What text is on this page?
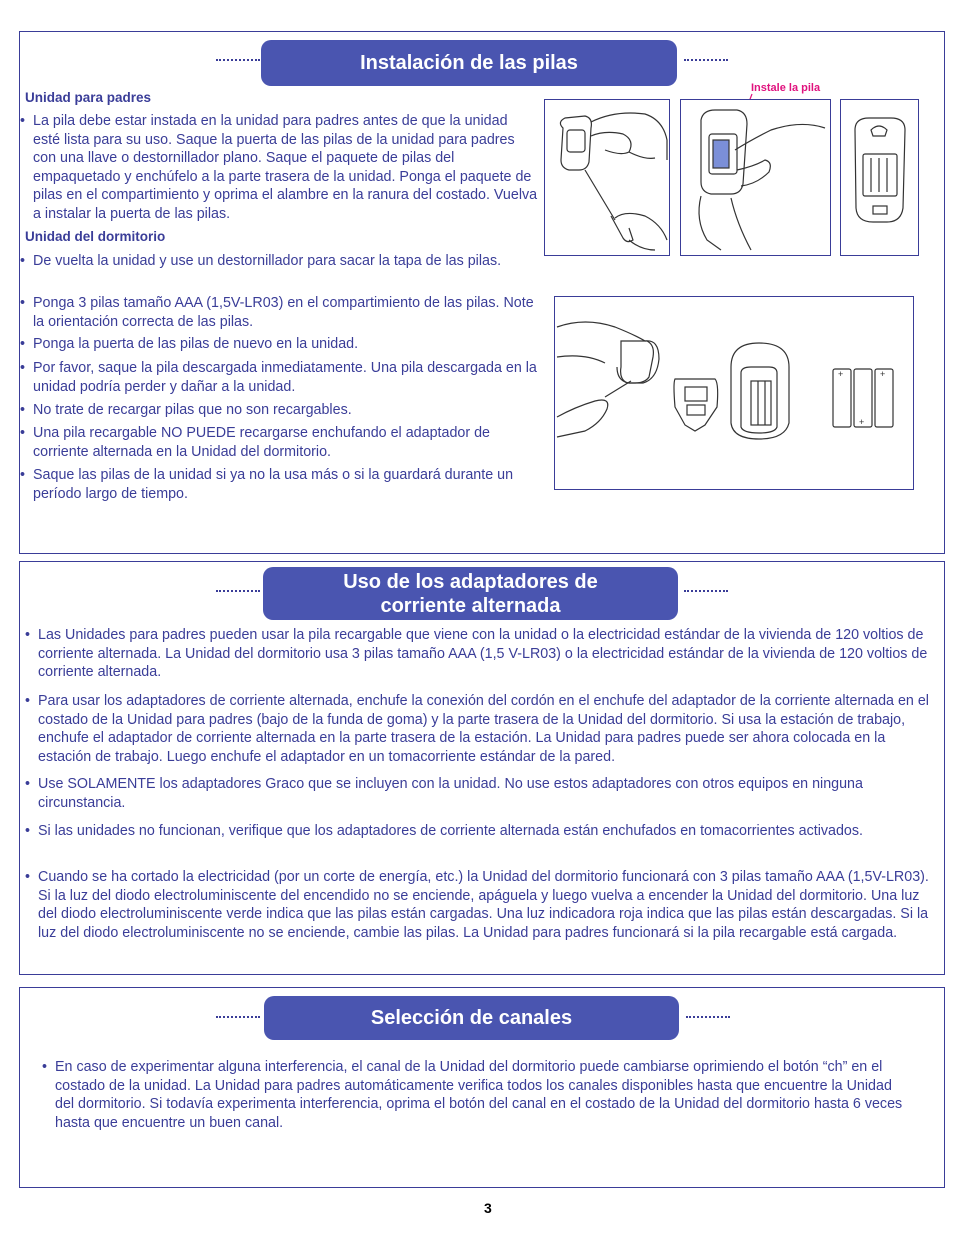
Instalación de las pilas
Unidad para padres
• La pila debe estar instada en la unidad para padres antes de que la unidad esté lista para su uso. Saque la puerta de las pilas de la unidad para padres con una llave o destornillador plano. Saque el paquete de pilas del empaquetado y enchúfelo a la parte trasera de la unidad. Ponga el paquete de pilas en el compartimiento y oprima el alambre en la ranura del costado. Vuelva a instalar la puerta de las pilas.
Unidad del dormitorio
• De vuelta la unidad y use un destornillador para sacar la tapa de las pilas.
• Ponga 3 pilas tamaño AAA (1,5V-LR03) en el compartimiento de las pilas. Note la orientación correcta de las pilas.
• Ponga la puerta de las pilas de nuevo en la unidad.
• Por favor, saque la pila descargada inmediatamente. Una pila descargada en la unidad podría perder y dañar a la unidad.
• No trate de recargar pilas que no son recargables.
• Una pila recargable NO PUEDE recargarse enchufando el adaptador de corriente alternada en la Unidad del dormitorio.
• Saque las pilas de la unidad si ya no la usa más o si la guardará durante un período largo de tiempo.
Instale la pila
+
+
+
Uso de los adaptadores de corriente alternada
• Las Unidades para padres pueden usar la pila recargable que viene con la unidad o la electricidad estándar de la vivienda de 120 voltios de corriente alternada. La Unidad del dormitorio usa 3 pilas tamaño AAA (1,5 V-LR03) o la electricidad estándar de la vivienda de 120 voltios de corriente alternada.
• Para usar los adaptadores de corriente alternada, enchufe la conexión del cordón en el enchufe del adaptador de la corriente alternada en el costado de la Unidad para padres (bajo de la funda de goma) y la parte trasera de la Unidad del dormitorio. Si usa la estación de trabajo, enchufe el adaptador de corriente alternada en la parte trasera de la estación. La Unidad para padres puede ser ahora colocada en la estación de trabajo. Luego enchufe el adaptador en un tomacorriente estándar de la pared.
• Use SOLAMENTE los adaptadores Graco que se incluyen con la unidad. No use estos adaptadores con otros equipos en ninguna circunstancia.
• Si las unidades no funcionan, verifique que los adaptadores de corriente alternada están enchufados en tomacorrientes activados.
• Cuando se ha cortado la electricidad (por un corte de energía, etc.) la Unidad del dormitorio funcionará con 3 pilas tamaño AAA (1,5V-LR03). Si la luz del diodo electroluminiscente del encendido no se enciende, apáguela y luego vuelva a encender la Unidad del dormitorio. Una luz del diodo electroluminiscente verde indica que las pilas están cargadas. Una luz indicadora roja indica que las pilas están descargadas. Si la luz del diodo electroluminiscente no se enciende, cambie las pilas. La Unidad para padres funcionará si la pila recargable está cargada.
Selección de canales
• En caso de experimentar alguna interferencia, el canal de la Unidad del dormitorio puede cambiarse oprimiendo el botón “ch” en el costado de la unidad. La Unidad para padres automáticamente verifica todos los canales disponibles hasta que encuentre la Unidad del dormitorio. Si todavía experimenta interferencia, oprima el botón del canal en el costado de la Unidad del dormitorio hasta 6 veces hasta que encuentre un buen canal.
3
